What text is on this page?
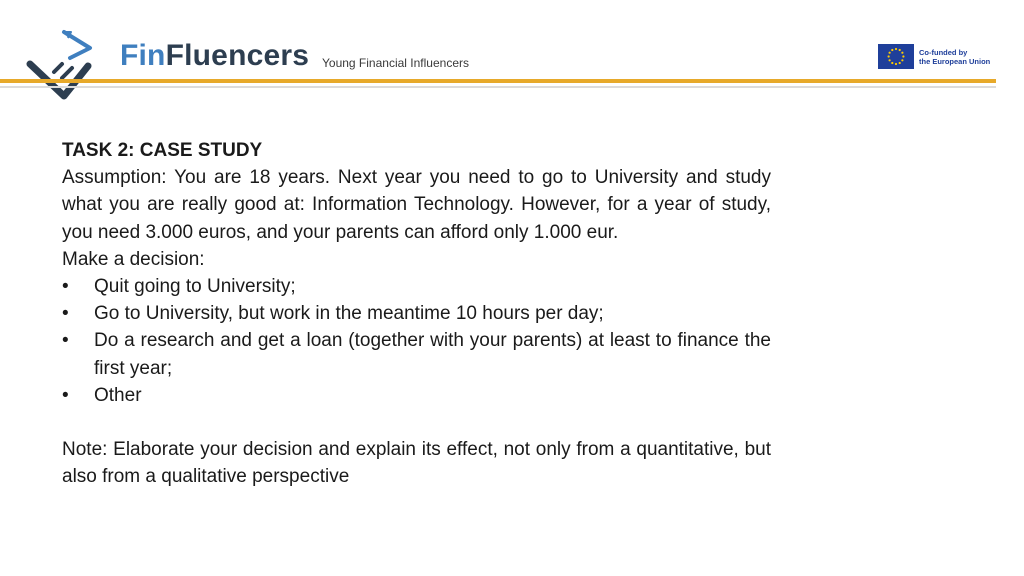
FinFluencers Young Financial Influencers
Co-funded by
the European Union

TASK 2: CASE STUDY

Assumption: You are 18 years. Next year you need to go to University and study what you are really good at: Information Technology. However, for a year of study, you need 3.000 euros, and your parents can afford only 1.000 eur.

Make a decision:

• Quit going to University;
• Go to University, but work in the meantime 10 hours per day;
• Do a research and get a loan (together with your parents) at least to finance the first year;
• Other

Note: Elaborate your decision and explain its effect, not only from a quantitative, but also from a qualitative perspective
